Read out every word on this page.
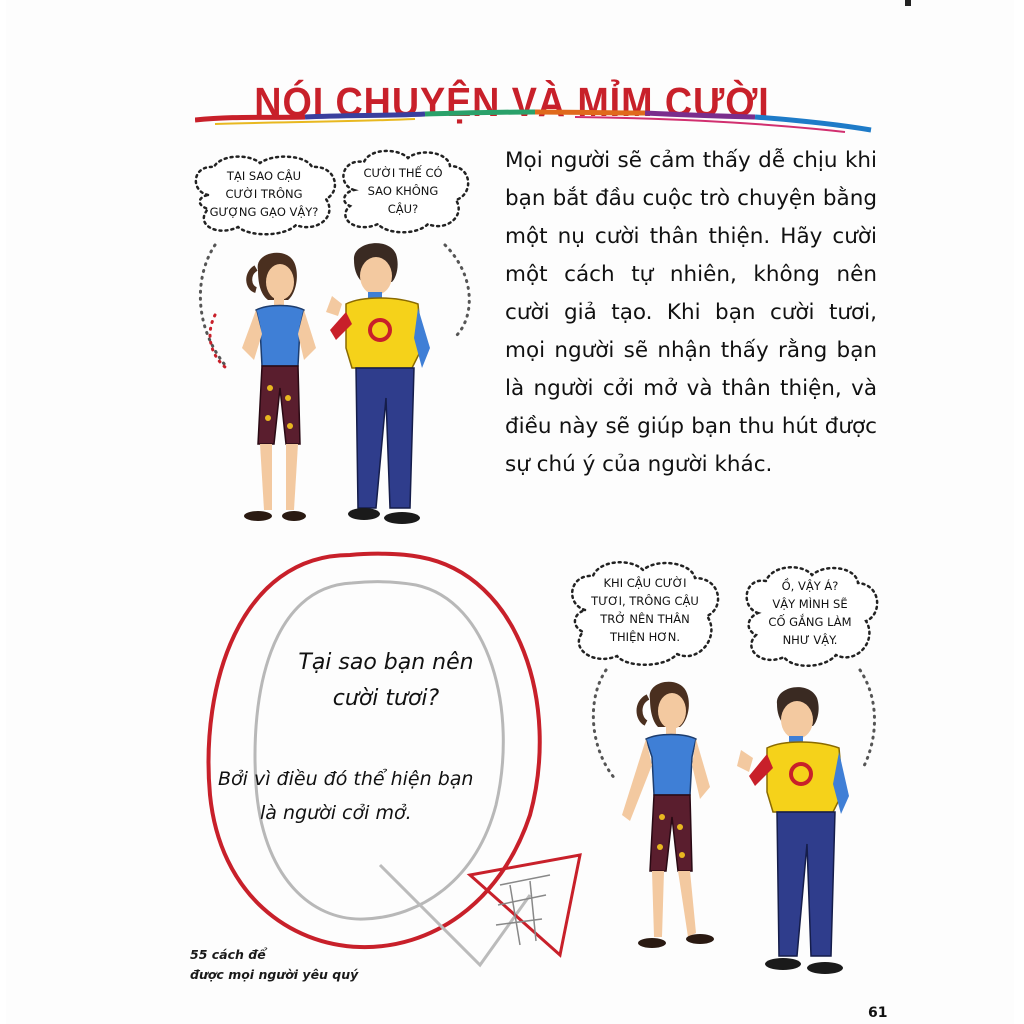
NÓI CHUYỆN VÀ MỈM CƯỜI

Mọi người sẽ cảm thấy dễ chịu khi bạn bắt đầu cuộc trò chuyện bằng một nụ cười thân thiện. Hãy cười một cách tự nhiên, không nên cười giả tạo. Khi bạn cười tươi, mọi người sẽ nhận thấy rằng bạn là người cởi mở và thân thiện, và điều này sẽ giúp bạn thu hút được sự chú ý của người khác.

TẠI SAO CẬU
CƯỜI TRÔNG
GƯỢNG GẠO VẬY?
CƯỜI THẾ CÓ
SAO KHÔNG
CẬU?
Tại sao bạn nên
cười tươi?

Bởi vì điều đó thể hiện bạn

là người cởi mở.

KHI CẬU CƯỜI
TƯƠI, TRÔNG CẬU
TRỞ NÊN THÂN
THIỆN HƠN.
Ồ, VẬY Á?
VẬY MÌNH SẼ
CỐ GẮNG LÀM
NHƯ VẬY.
55 cách để
được mọi người yêu quý
61
